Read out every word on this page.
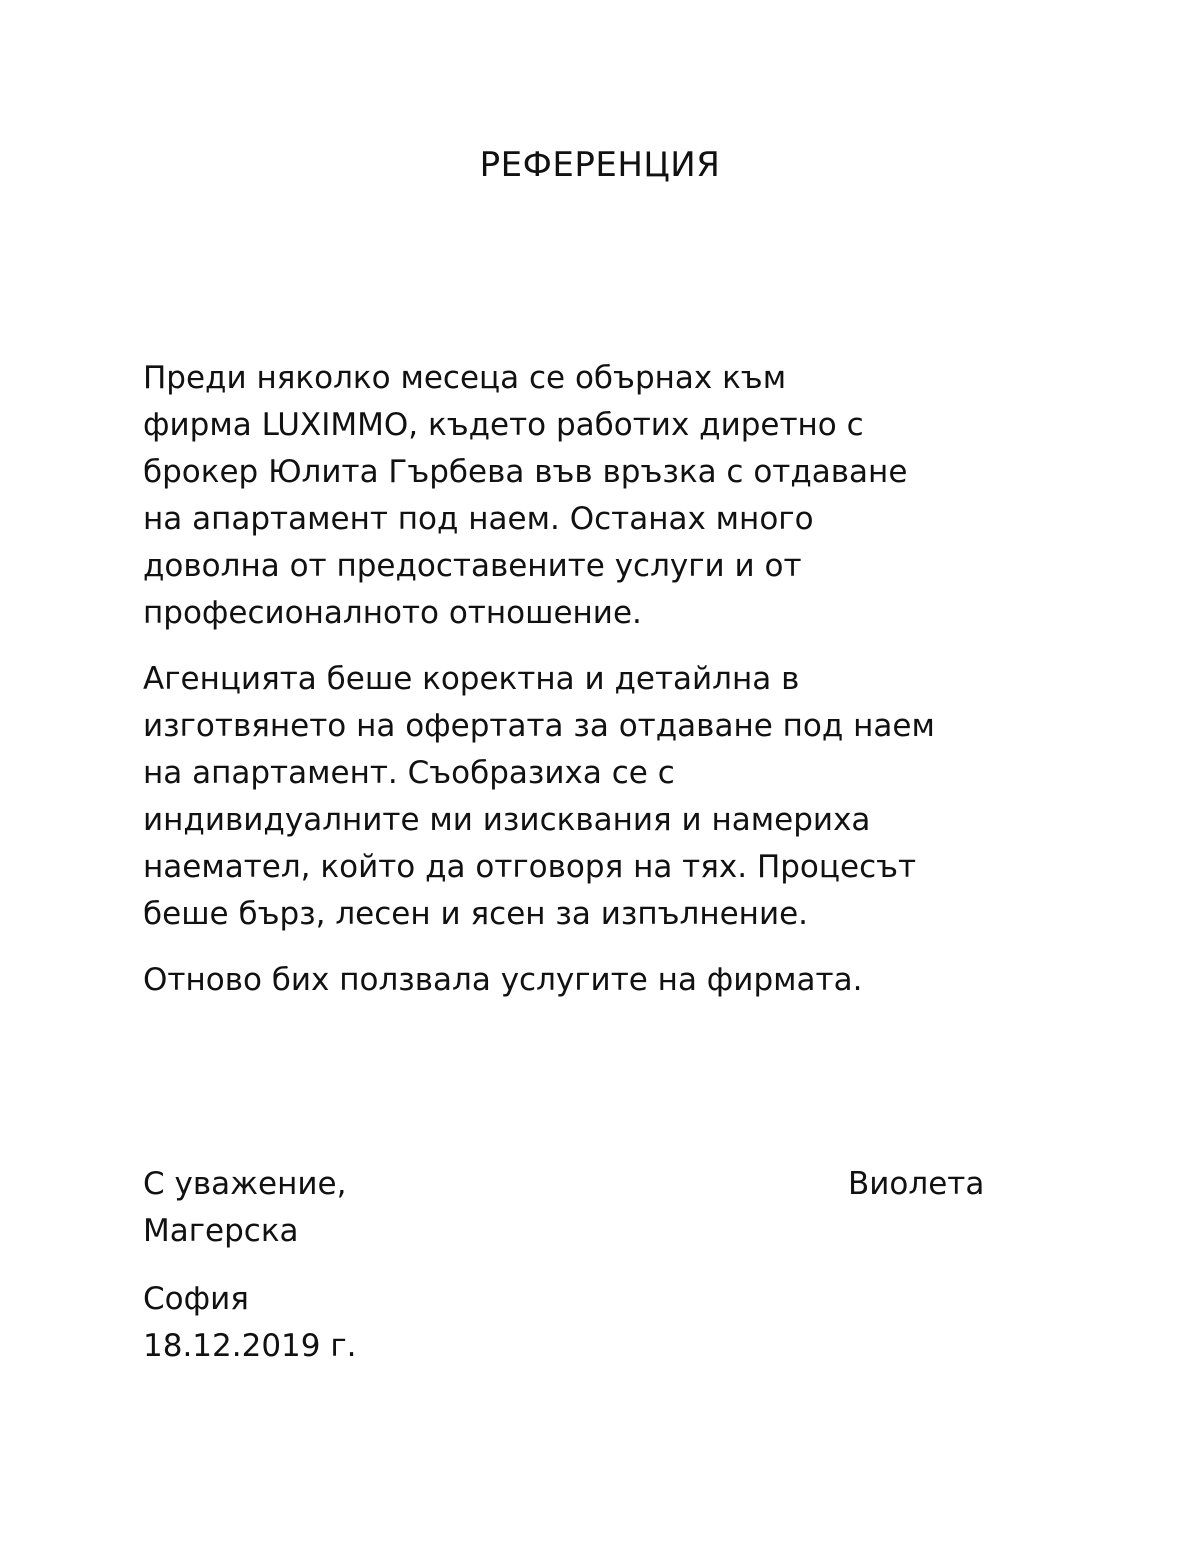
РЕФЕРЕНЦИЯ

Преди няколко месеца се обърнах към
фирма LUXIMMO, където работих диретно с
брокер Юлита Гърбева във връзка с отдаване
на апартамент под наем. Останах много
доволна от предоставените услуги и от
професионалното отношение.

Агенцията беше коректна и детайлна в
изготвянето на офертата за отдаване под наем
на апартамент. Съобразиха се с
индивидуалните ми изисквания и намериха
наемател, който да отговоря на тях. Процесът
беше бърз, лесен и ясен за изпълнение.

Отново бих ползвала услугите на фирмата.

С уважение,	Виолета
Магерска
София
18.12.2019 г.
